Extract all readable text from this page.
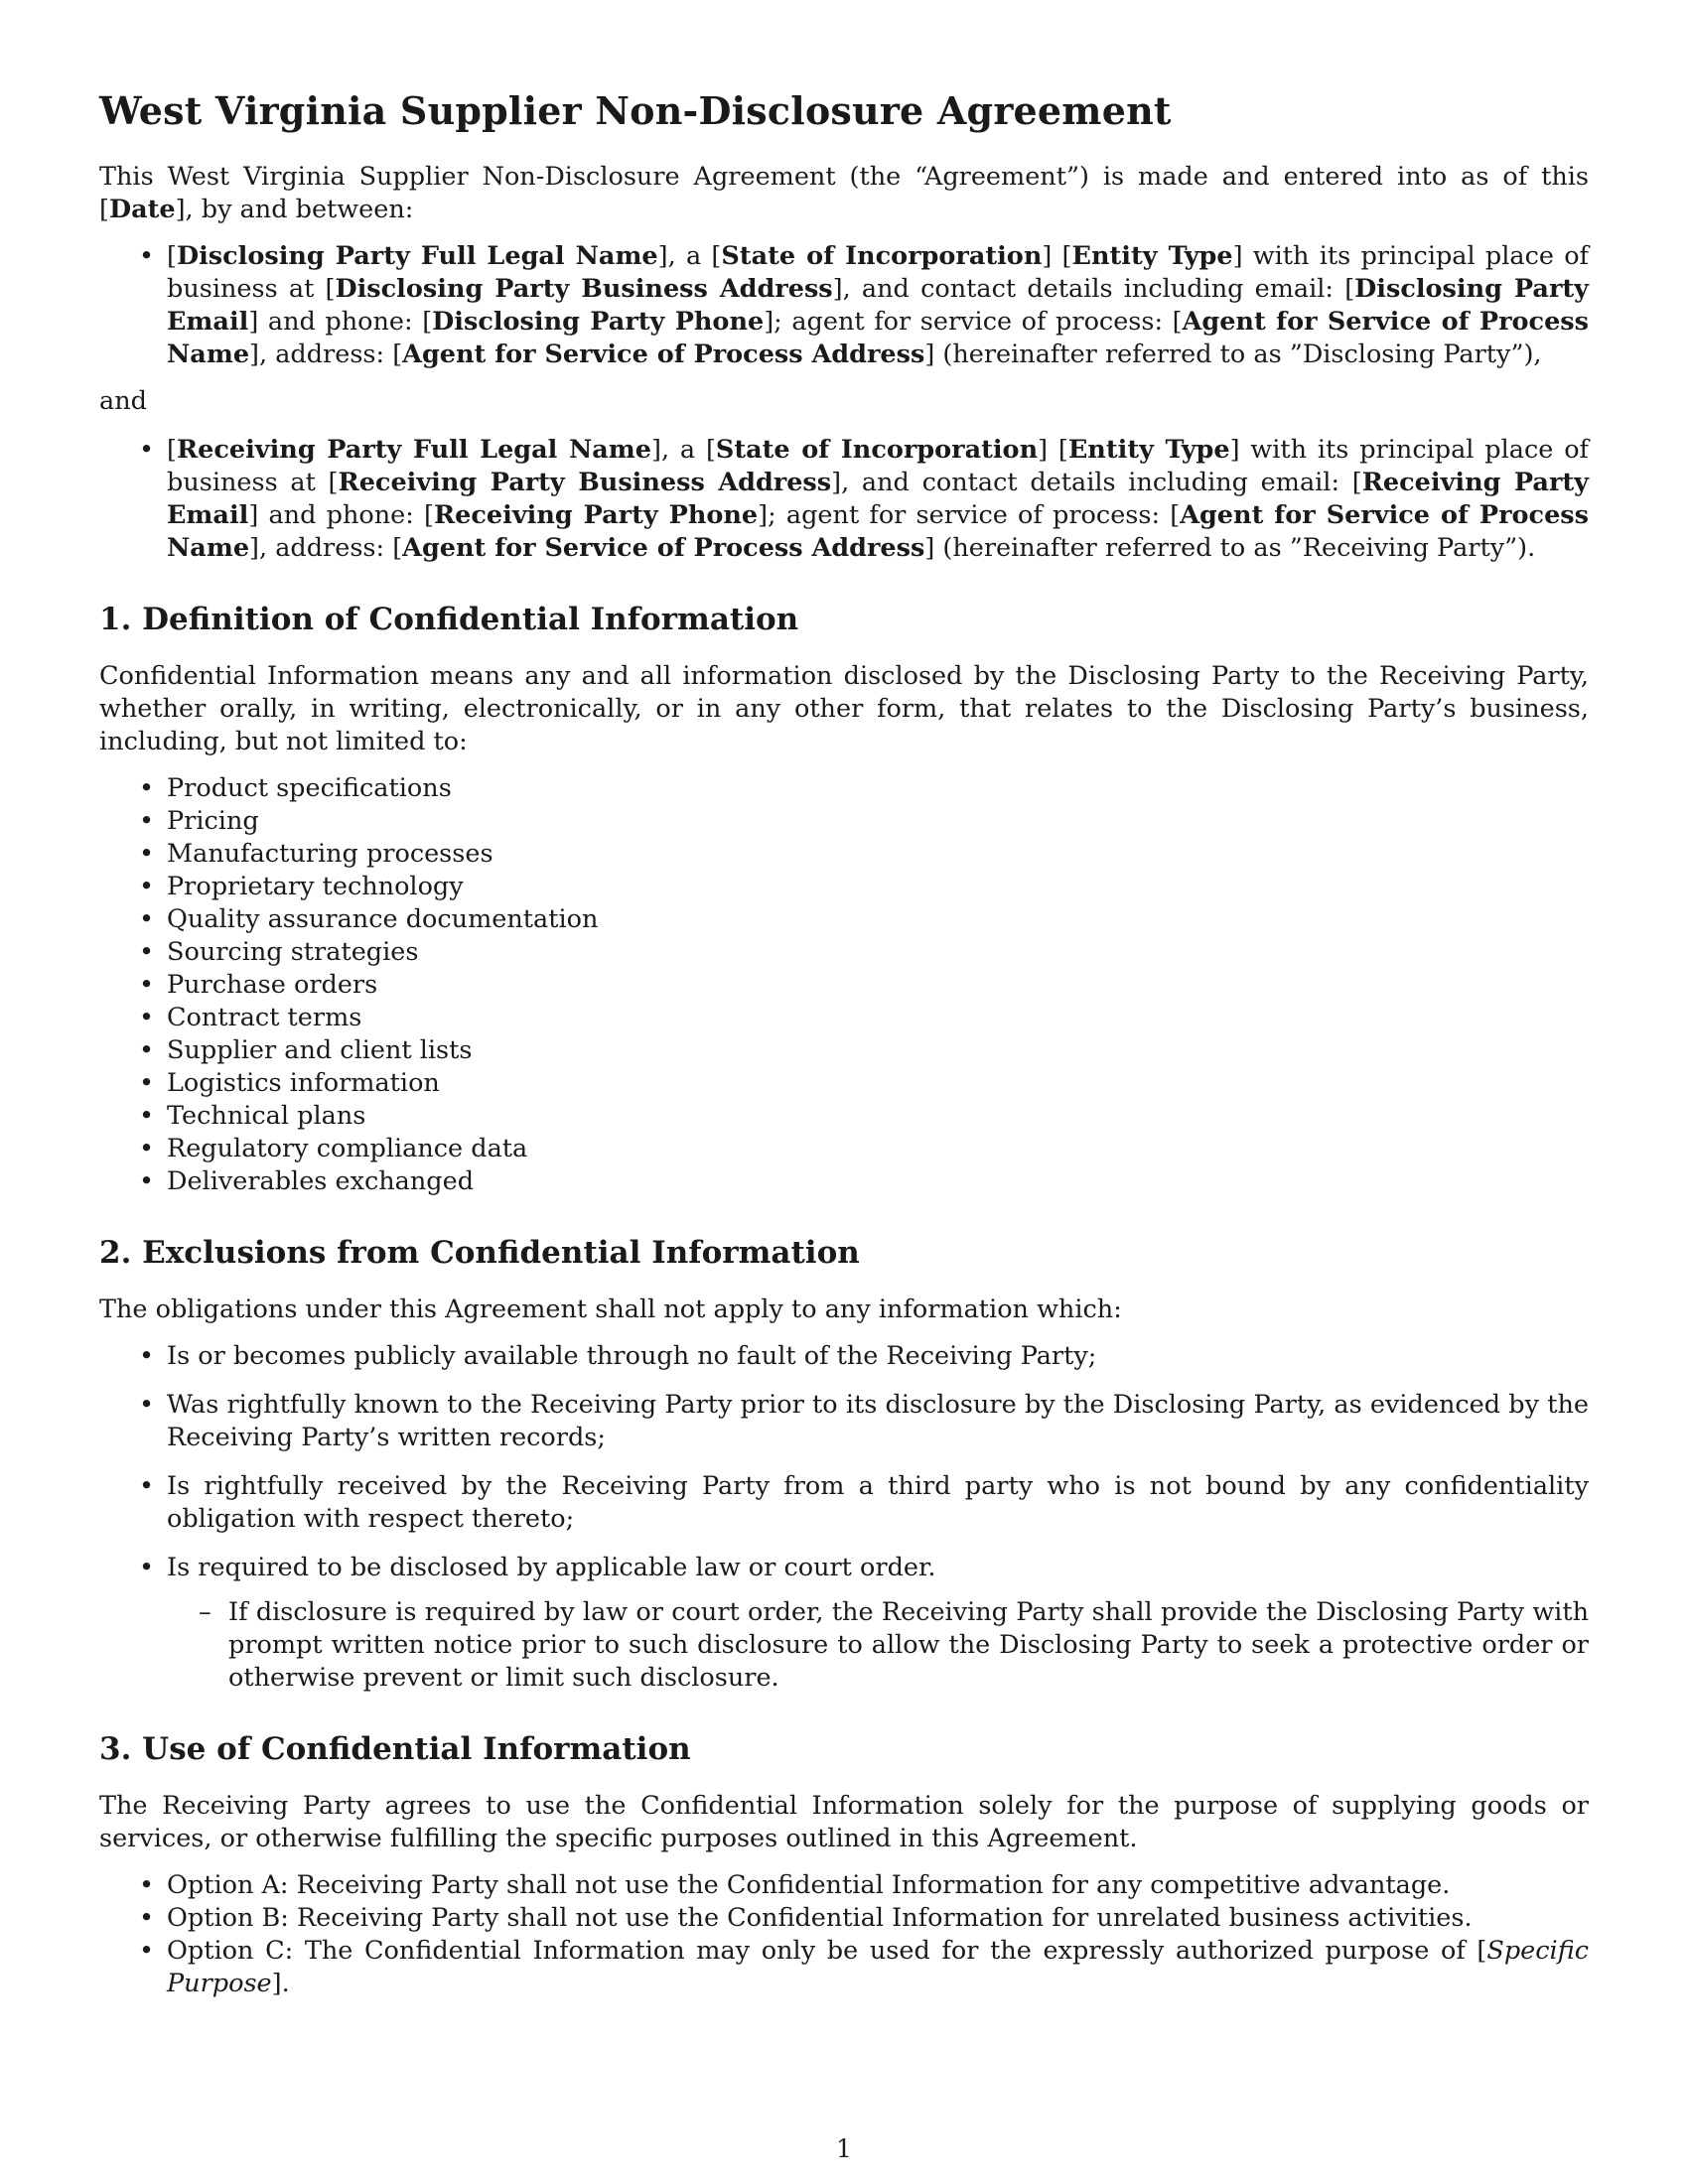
West Virginia Supplier Non-Disclosure Agreement

This West Virginia Supplier Non-Disclosure Agreement (the “Agreement”) is made and entered into as of this [Date], by and between:

• [Disclosing Party Full Legal Name], a [State of Incorporation] [Entity Type] with its principal place of business at [Disclosing Party Business Address], and contact details including email: [Disclosing Party Email] and phone: [Disclosing Party Phone]; agent for service of process: [Agent for Service of Process Name], address: [Agent for Service of Process Address] (hereinafter referred to as ”Disclosing Party”),

and

• [Receiving Party Full Legal Name], a [State of Incorporation] [Entity Type] with its principal place of business at [Receiving Party Business Address], and contact details including email: [Receiving Party Email] and phone: [Receiving Party Phone]; agent for service of process: [Agent for Service of Process Name], address: [Agent for Service of Process Address] (hereinafter referred to as ”Receiving Party”).
1. Definition of Confidential Information

Confidential Information means any and all information disclosed by the Disclosing Party to the Receiving Party, whether orally, in writing, electronically, or in any other form, that relates to the Disclosing Party’s business, including, but not limited to:

• Product specifications
• Pricing
• Manufacturing processes
• Proprietary technology
• Quality assurance documentation
• Sourcing strategies
• Purchase orders
• Contract terms
• Supplier and client lists
• Logistics information
• Technical plans
• Regulatory compliance data
• Deliverables exchanged
2. Exclusions from Confidential Information

The obligations under this Agreement shall not apply to any information which:

• Is or becomes publicly available through no fault of the Receiving Party;
• Was rightfully known to the Receiving Party prior to its disclosure by the Disclosing Party, as evidenced by the Receiving Party’s written records;
• Is rightfully received by the Receiving Party from a third party who is not bound by any confidentiality obligation with respect thereto;
• Is required to be disclosed by applicable law or court order.
– If disclosure is required by law or court order, the Receiving Party shall provide the Disclosing Party with prompt written notice prior to such disclosure to allow the Disclosing Party to seek a protective order or otherwise prevent or limit such disclosure.
3. Use of Confidential Information

The Receiving Party agrees to use the Confidential Information solely for the purpose of supplying goods or services, or otherwise fulfilling the specific purposes outlined in this Agreement.

• Option A: Receiving Party shall not use the Confidential Information for any competitive advantage.
• Option B: Receiving Party shall not use the Confidential Information for unrelated business activities.
• Option C: The Confidential Information may only be used for the expressly authorized purpose of [Specific Purpose].
1
